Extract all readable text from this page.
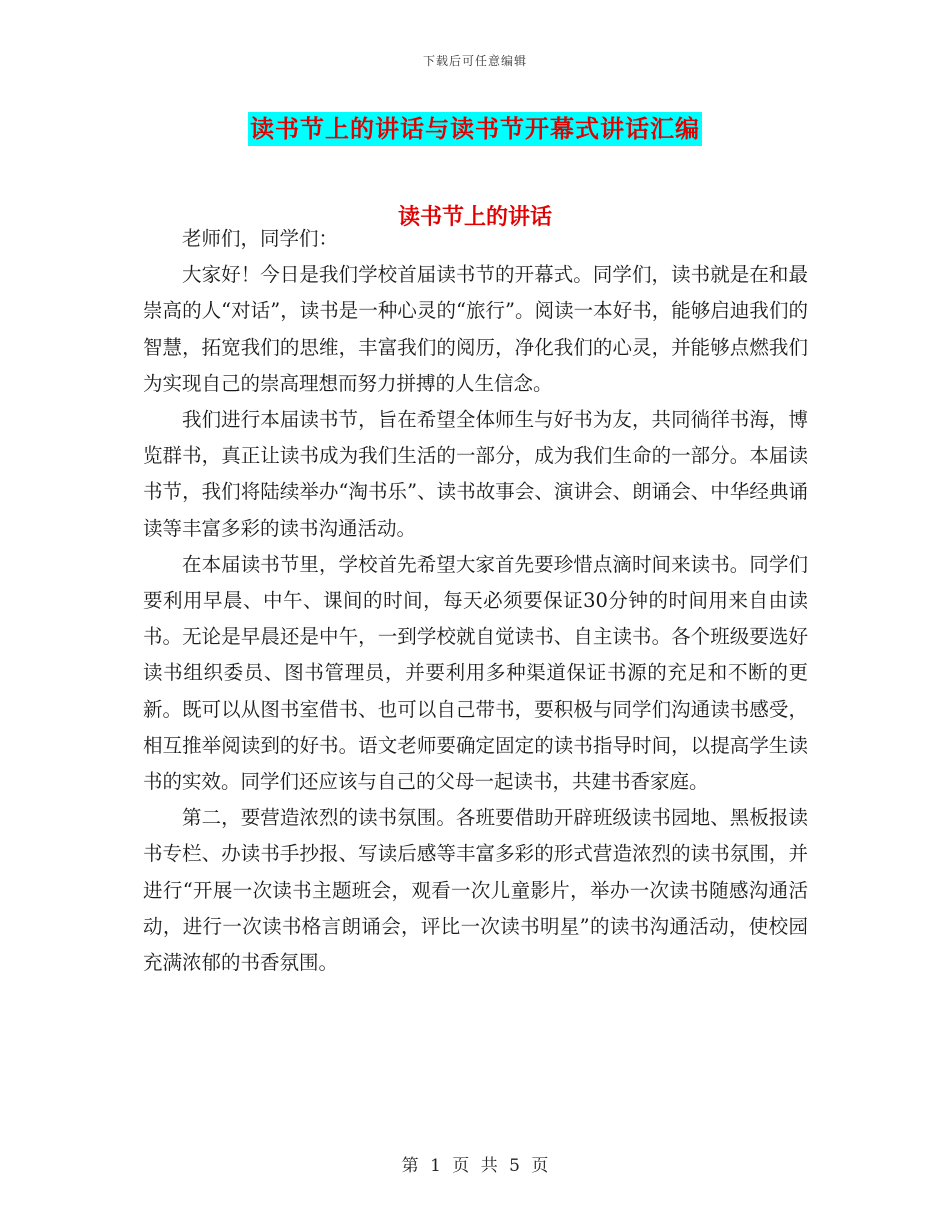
下载后可任意编辑
读书节上的讲话与读书节开幕式讲话汇编
读书节上的讲话

老师们，同学们：

大家好！今日是我们学校首届读书节的开幕式。同学们，读书就是在和最崇高的人“对话”，读书是一种心灵的“旅行”。阅读一本好书，能够启迪我们的智慧，拓宽我们的思维，丰富我们的阅历，净化我们的心灵，并能够点燃我们为实现自己的崇高理想而努力拼搏的人生信念。

我们进行本届读书节，旨在希望全体师生与好书为友，共同徜徉书海，博览群书，真正让读书成为我们生活的一部分，成为我们生命的一部分。本届读书节，我们将陆续举办“淘书乐”、读书故事会、演讲会、朗诵会、中华经典诵读等丰富多彩的读书沟通活动。

在本届读书节里，学校首先希望大家首先要珍惜点滴时间来读书。同学们要利用早晨、中午、课间的时间，每天必须要保证30分钟的时间用来自由读书。无论是早晨还是中午，一到学校就自觉读书、自主读书。各个班级要选好读书组织委员、图书管理员，并要利用多种渠道保证书源的充足和不断的更新。既可以从图书室借书、也可以自己带书，要积极与同学们沟通读书感受，相互推举阅读到的好书。语文老师要确定固定的读书指导时间，以提高学生读书的实效。同学们还应该与自己的父母一起读书，共建书香家庭。

第二，要营造浓烈的读书氛围。各班要借助开辟班级读书园地、黑板报读书专栏、办读书手抄报、写读后感等丰富多彩的形式营造浓烈的读书氛围，并进行“开展一次读书主题班会，观看一次儿童影片，举办一次读书随感沟通活动，进行一次读书格言朗诵会，评比一次读书明星”的读书沟通活动，使校园充满浓郁的书香氛围。

第 1 页 共 5 页
